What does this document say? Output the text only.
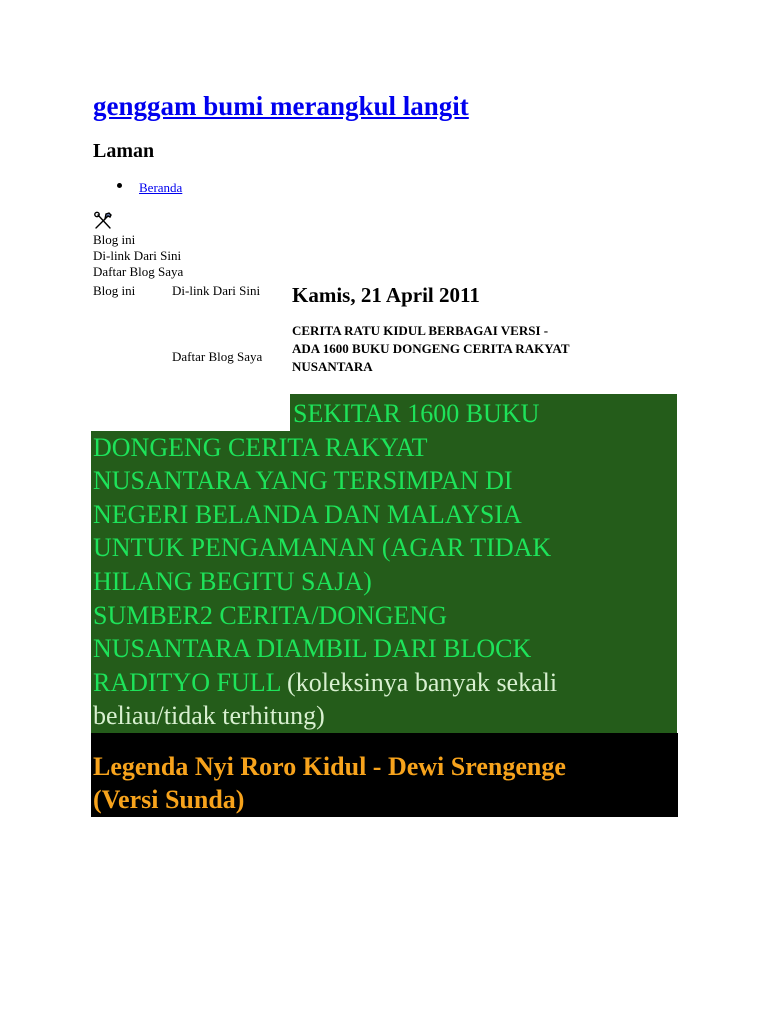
genggam bumi merangkul langit
Laman
Beranda
Blog ini
Di-link Dari Sini
Daftar Blog Saya
Blog ini	Di-link Dari Sini
Daftar Blog Saya
Kamis, 21 April 2011
CERITA RATU KIDUL BERBAGAI VERSI -
ADA 1600 BUKU DONGENG CERITA RAKYAT
NUSANTARA
SEKITAR 1600 BUKU
DONGENG CERITA RAKYAT
NUSANTARA YANG TERSIMPAN DI
NEGERI BELANDA DAN MALAYSIA
UNTUK PENGAMANAN (AGAR TIDAK
HILANG BEGITU SAJA)
SUMBER2 CERITA/DONGENG
NUSANTARA DIAMBIL DARI BLOCK
RADITYO FULL (koleksinya banyak sekali
beliau/tidak terhitung)
Legenda Nyi Roro Kidul - Dewi Srengenge
(Versi Sunda)
